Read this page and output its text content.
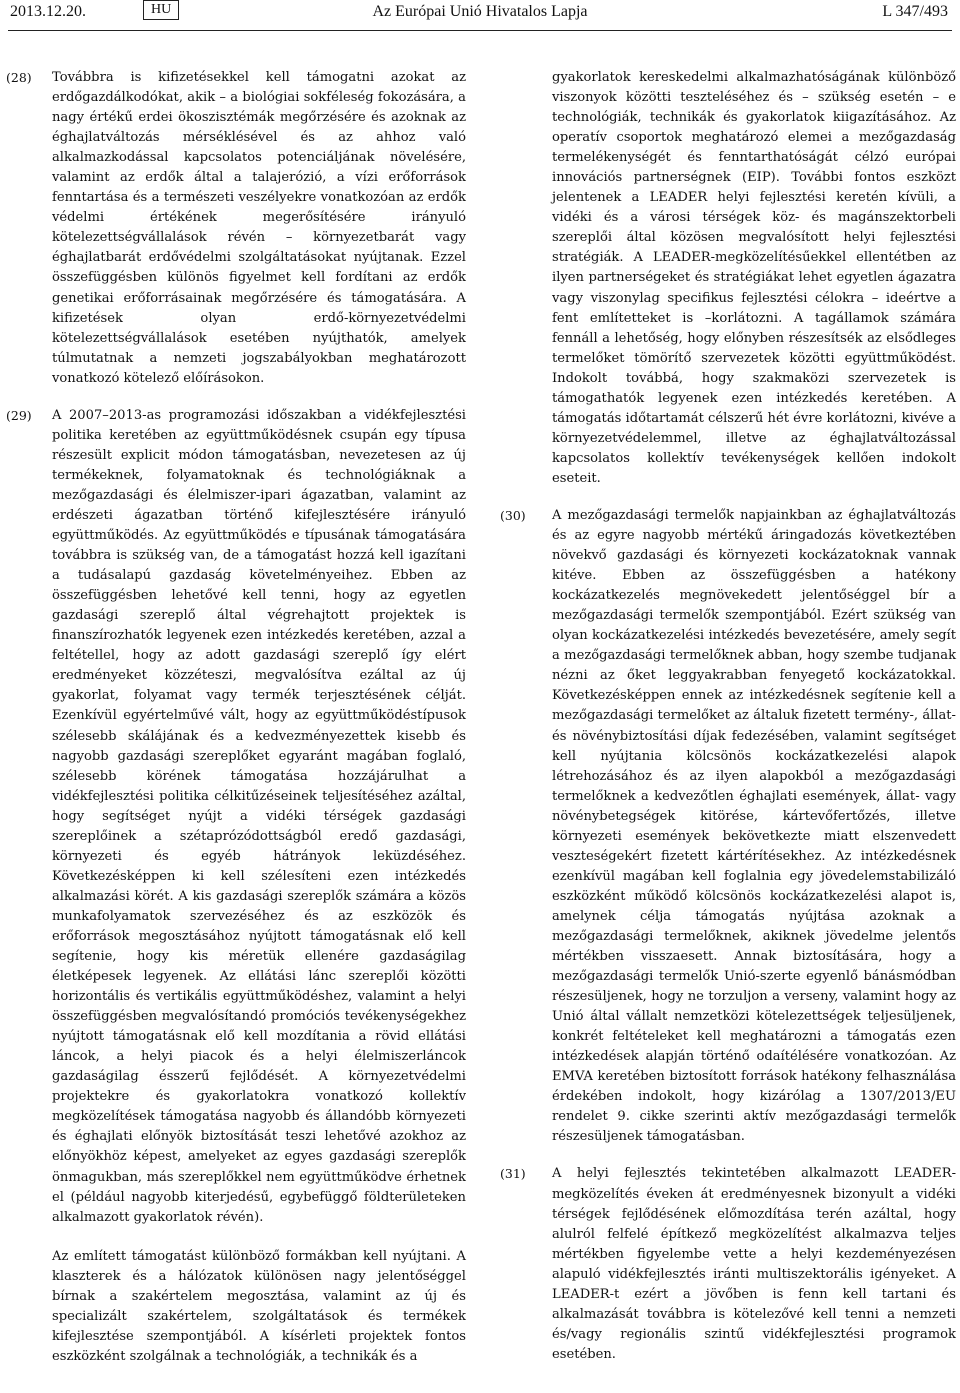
2013.12.20.	HU	Az Európai Unió Hivatalos Lapja	L 347/493
(28)	Továbbra is kifizetésekkel kell támogatni azokat az erdőgazdálkodókat, akik – a biológiai sokféleség fokozására, a nagy értékű erdei ökoszisztémák megőrzésére és azoknak az éghajlatváltozás mérséklésével és az ahhoz való alkalmazkodással kapcsolatos potenciáljának növelésére, valamint az erdők által a talajerózió, a vízi erőforrások fenntartása és a természeti veszélyekre vonatkozóan az erdők védelmi értékének megerősítésére irányuló kötelezettségvállalások révén – környezetbarát vagy éghajlatbarát erdővédelmi szolgáltatásokat nyújtanak. Ezzel összefüggésben különös figyelmet kell fordítani az erdők genetikai erőforrásainak megőrzésére és támogatására. A kifizetések olyan erdő-környezetvédelmi kötelezettségvállalások esetében nyújthatók, amelyek túlmutatnak a nemzeti jogszabályokban meghatározott vonatkozó kötelező előírásokon.

(29)	A 2007–2013-as programozási időszakban a vidékfejlesztési politika keretében az együttműködésnek csupán egy típusa részesült explicit módon támogatásban, nevezetesen az új termékeknek, folyamatoknak és technológiáknak a mezőgazdasági és élelmiszer-ipari ágazatban, valamint az erdészeti ágazatban történő kifejlesztésére irányuló együttműködés. Az együttműködés e típusának támogatására továbbra is szükség van, de a támogatást hozzá kell igazítani a tudásalapú gazdaság követelményeihez. Ebben az összefüggésben lehetővé kell tenni, hogy az egyetlen gazdasági szereplő által végrehajtott projektek is finanszírozhatók legyenek ezen intézkedés keretében, azzal a feltétellel, hogy az adott gazdasági szereplő így elért eredményeket közzéteszi, megvalósítva ezáltal az új gyakorlat, folyamat vagy termék terjesztésének célját. Ezenkívül egyértelművé vált, hogy az együttműködéstípusok szélesebb skálájának és a kedvezményezettek kisebb és nagyobb gazdasági szereplőket egyaránt magában foglaló, szélesebb körének támogatása hozzájárulhat a vidékfejlesztési politika célkitűzéseinek teljesítéséhez azáltal, hogy segítséget nyújt a vidéki térségek gazdasági szereplőinek a szétaprózódottságból eredő gazdasági, környezeti és egyéb hátrányok leküzdéséhez. Következésképpen ki kell szélesíteni ezen intézkedés alkalmazási körét. A kis gazdasági szereplők számára a közös munkafolyamatok szervezéséhez és az eszközök és erőforrások megosztásához nyújtott támogatásnak elő kell segítenie, hogy kis méretük ellenére gazdaságilag életképesek legyenek. Az ellátási lánc szereplői közötti horizontális és vertikális együttműködéshez, valamint a helyi összefüggésben megvalósítandó promóciós tevékenységekhez nyújtott támogatásnak elő kell mozdítania a rövid ellátási láncok, a helyi piacok és a helyi élelmiszerláncok gazdaságilag ésszerű fejlődését. A környezetvédelmi projektekre és gyakorlatokra vonatkozó kollektív megközelítések támogatása nagyobb és állandóbb környezeti és éghajlati előnyök biztosítását teszi lehetővé azokhoz az előnyökhöz képest, amelyeket az egyes gazdasági szereplők önmagukban, más szereplőkkel nem együttműködve érhetnek el (például nagyobb kiterjedésű, egybefüggő földterületeken alkalmazott gyakorlatok révén).

Az említett támogatást különböző formákban kell nyújtani. A klaszterek és a hálózatok különösen nagy jelentőséggel bírnak a szakértelem megosztása, valamint az új és specializált szakértelem, szolgáltatások és termékek kifejlesztése szempontjából. A kísérleti projektek fontos eszközként szolgálnak a technológiák, a technikák és a

gyakorlatok kereskedelmi alkalmazhatóságának különböző viszonyok közötti teszteléséhez és – szükség esetén – e technológiák, technikák és gyakorlatok kiigazításához. Az operatív csoportok meghatározó elemei a mezőgazdaság termelékenységét és fenntarthatóságát célzó európai innovációs partnerségnek (EIP). További fontos eszközt jelentenek a LEADER helyi fejlesztési keretén kívüli, a vidéki és a városi térségek köz- és magánszektorbeli szereplői által közösen megvalósított helyi fejlesztési stratégiák. A LEADER-megközelítésűekkel ellentétben az ilyen partnerségeket és stratégiákat lehet egyetlen ágazatra vagy viszonylag specifikus fejlesztési célokra – ideértve a fent említetteket is –korlátozni. A tagállamok számára fennáll a lehetőség, hogy előnyben részesítsék az elsődleges termelőket tömörítő szervezetek közötti együttműködést. Indokolt továbbá, hogy szakmaközi szervezetek is támogathatók legyenek ezen intézkedés keretében. A támogatás időtartamát célszerű hét évre korlátozni, kivéve a környezetvédelemmel, illetve az éghajlatváltozással kapcsolatos kollektív tevékenységek kellően indokolt eseteit.

(30)	A mezőgazdasági termelők napjainkban az éghajlatváltozás és az egyre nagyobb mértékű áringadozás következtében növekvő gazdasági és környezeti kockázatoknak vannak kitéve. Ebben az összefüggésben a hatékony kockázatkezelés megnövekedett jelentőséggel bír a mezőgazdasági termelők szempontjából. Ezért szükség van olyan kockázatkezelési intézkedés bevezetésére, amely segít a mezőgazdasági termelőknek abban, hogy szembe tudjanak nézni az őket leggyakrabban fenyegető kockázatokkal. Következésképpen ennek az intézkedésnek segítenie kell a mezőgazdasági termelőket az általuk fizetett termény-, állat- és növénybiztosítási díjak fedezésében, valamint segítséget kell nyújtania kölcsönös kockázatkezelési alapok létrehozásához és az ilyen alapokból a mezőgazdasági termelőknek a kedvezőtlen éghajlati események, állat- vagy növénybetegségek kitörése, kártevőfertőzés, illetve környezeti események bekövetkezte miatt elszenvedett veszteségekért fizetett kártérítésekhez. Az intézkedésnek ezenkívül magában kell foglalnia egy jövedelemstabilizáló eszközként működő kölcsönös kockázatkezelési alapot is, amelynek célja támogatás nyújtása azoknak a mezőgazdasági termelőknek, akiknek jövedelme jelentős mértékben visszaesett. Annak biztosítására, hogy a mezőgazdasági termelők Unió-szerte egyenlő bánásmódban részesüljenek, hogy ne torzuljon a verseny, valamint hogy az Unió által vállalt nemzetközi kötelezettségek teljesüljenek, konkrét feltételeket kell meghatározni a támogatás ezen intézkedések alapján történő odaítélésére vonatkozóan. Az EMVA keretében biztosított források hatékony felhasználása érdekében indokolt, hogy kizárólag a 1307/2013/EU rendelet 9. cikke szerinti aktív mezőgazdasági termelők részesüljenek támogatásban.

(31)	A helyi fejlesztés tekintetében alkalmazott LEADER-megközelítés éveken át eredményesnek bizonyult a vidéki térségek fejlődésének előmozdítása terén azáltal, hogy alulról felfelé építkező megközelítést alkalmazva teljes mértékben figyelembe vette a helyi kezdeményezésen alapuló vidékfejlesztés iránti multiszektorális igényeket. A LEADER-t ezért a jövőben is fenn kell tartani és alkalmazását továbbra is kötelezővé kell tenni a nemzeti és/vagy regionális szintű vidékfejlesztési programok esetében.
